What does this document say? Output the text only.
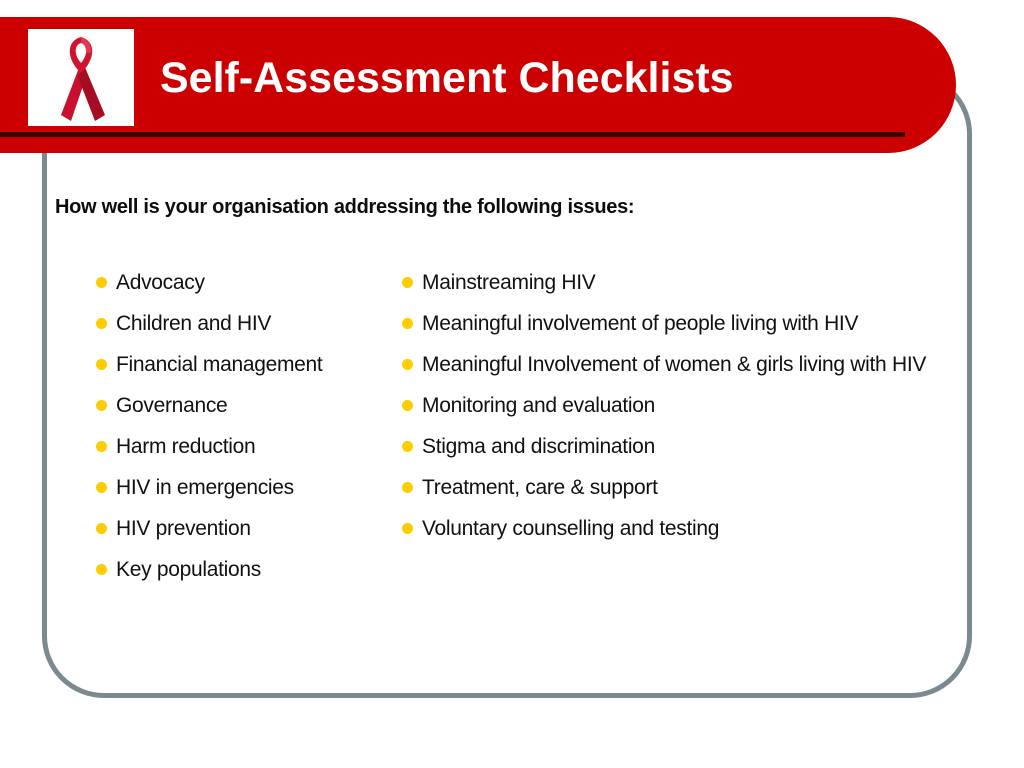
Self-Assessment Checklists
How well is your organisation addressing the following issues:
Advocacy
Children and HIV
Financial management
Governance
Harm reduction
HIV in emergencies
HIV prevention
Key populations
Mainstreaming HIV
Meaningful involvement of people living with HIV
Meaningful Involvement of women & girls living with HIV
Monitoring and evaluation
Stigma and discrimination
Treatment, care & support
Voluntary counselling and testing
